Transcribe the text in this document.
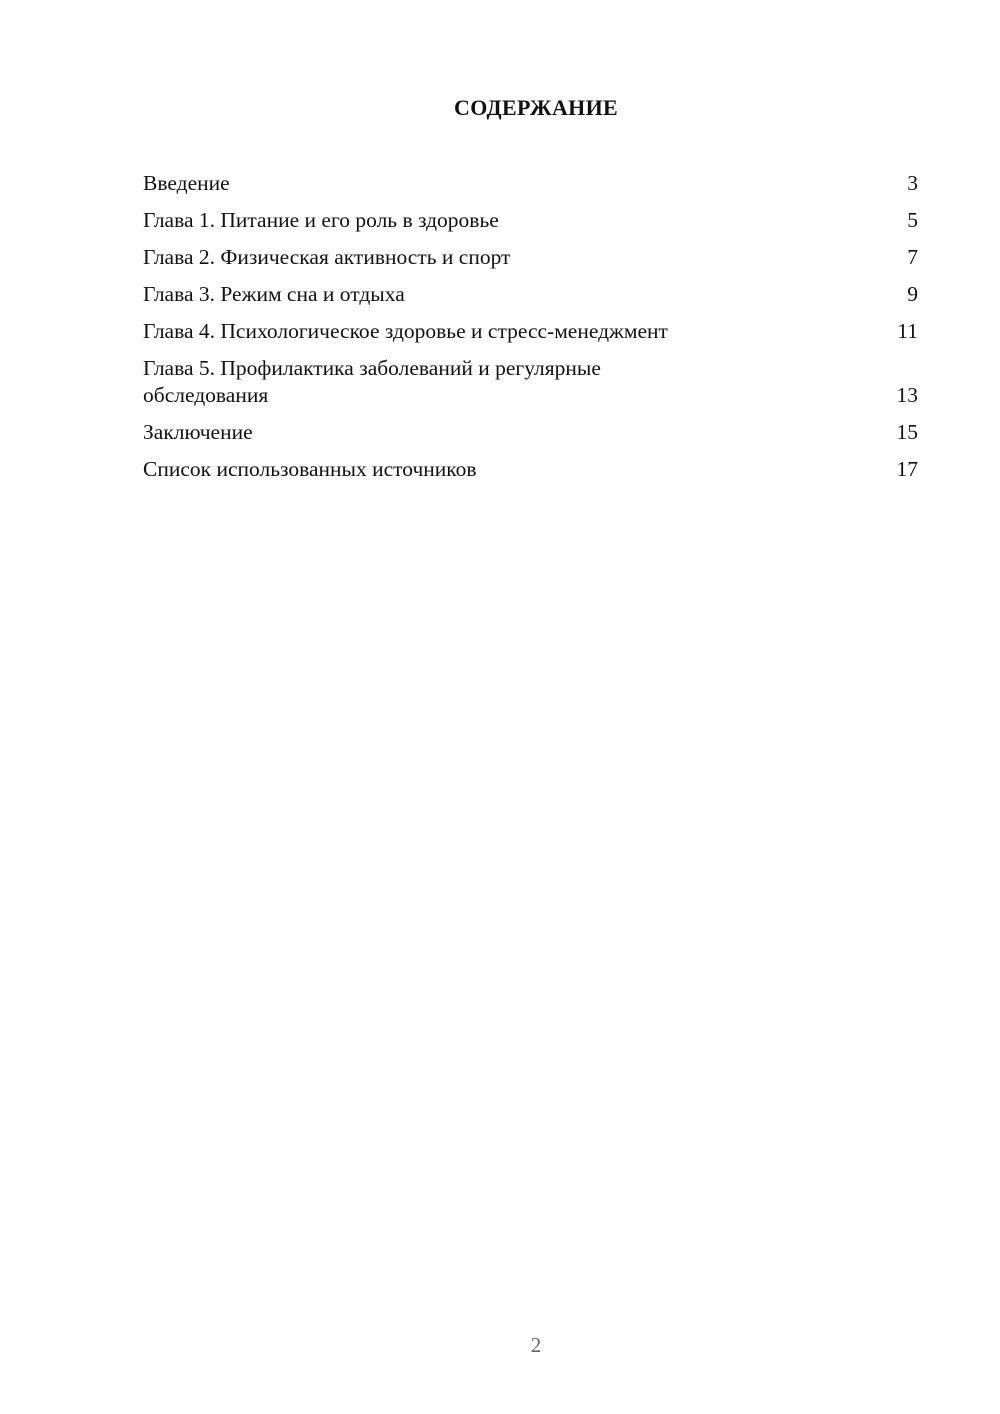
СОДЕРЖАНИЕ
Введение	3
Глава 1. Питание и его роль в здоровье	5
Глава 2. Физическая активность и спорт	7
Глава 3. Режим сна и отдыха	9
Глава 4. Психологическое здоровье и стресс-менеджмент	11
Глава 5. Профилактика заболеваний и регулярные обследования	13
Заключение	15
Список использованных источников	17
2
